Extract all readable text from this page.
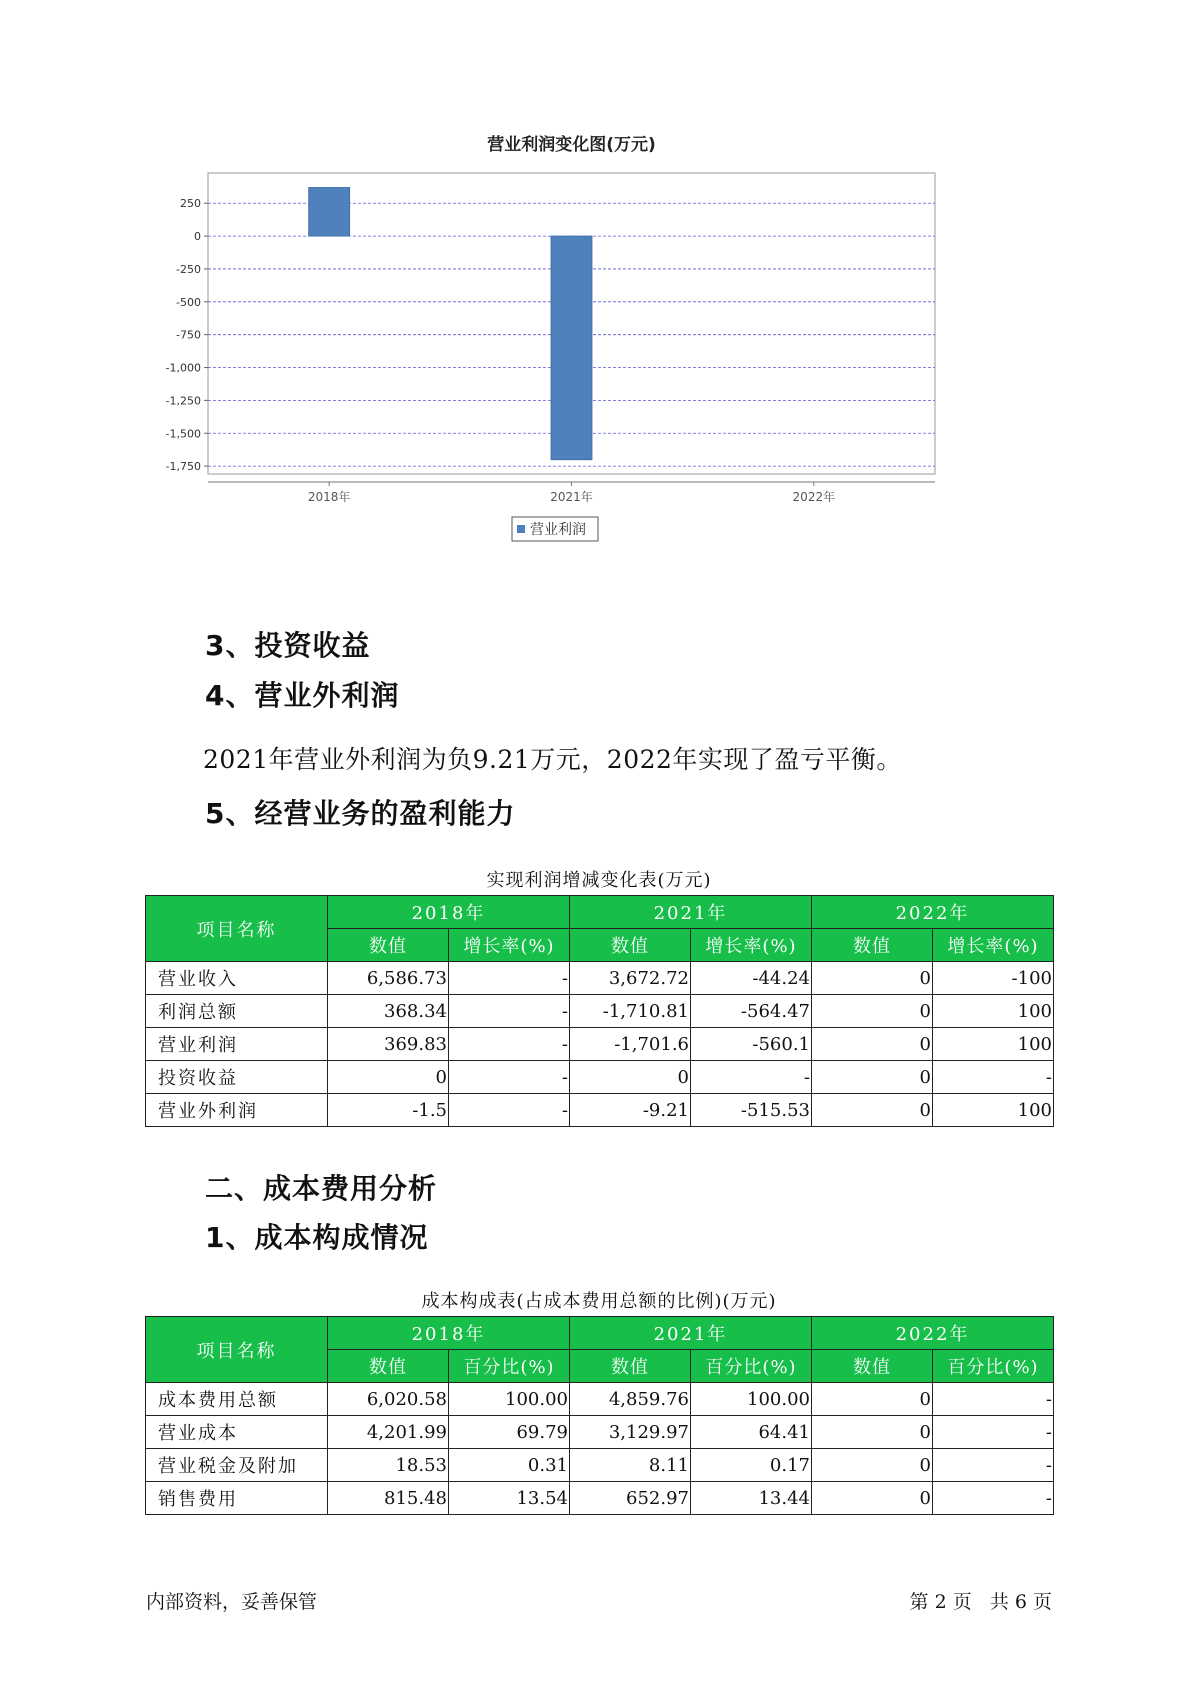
营业利润变化图(万元)
250
0
-250
-500
-750
-1,000
-1,250
-1,500
-1,750
2018年	2021年	2022年
营业利润
3、投资收益
4、营业外利润
2021年营业外利润为负9.21万元，2022年实现了盈亏平衡。
5、经营业务的盈利能力
实现利润增减变化表(万元)
项目名称	2018年		2021年		2022年	
	数值	增长率(%)	数值	增长率(%)	数值	增长率(%)
营业收入	6,586.73	-	3,672.72	-44.24	0	-100
利润总额	368.34	-	-1,710.81	-564.47	0	100
营业利润	369.83	-	-1,701.6	-560.1	0	100
投资收益	0	-	0	-	0	-
营业外利润	-1.5	-	-9.21	-515.53	0	100
二、成本费用分析
1、成本构成情况
成本构成表(占成本费用总额的比例)(万元)
项目名称	2018年		2021年		2022年	
	数值	百分比(%)	数值	百分比(%)	数值	百分比(%)
成本费用总额	6,020.58	100.00	4,859.76	100.00	0	-
营业成本	4,201.99	69.79	3,129.97	64.41	0	-
营业税金及附加	18.53	0.31	8.11	0.17	0	-
销售费用	815.48	13.54	652.97	13.44	0	-
内部资料，妥善保管	第 2 页   共 6 页
